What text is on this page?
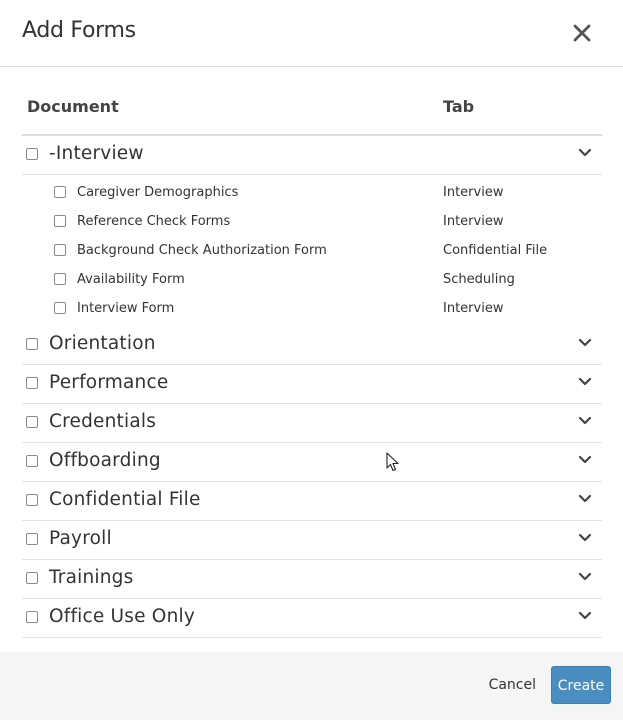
Add Forms
Document	Tab
-Interview
Caregiver Demographics	Interview
Reference Check Forms	Interview
Background Check Authorization Form	Confidential File
Availability Form	Scheduling
Interview Form	Interview
Orientation
Performance
Credentials
Offboarding
Confidential File
Payroll
Trainings
Office Use Only
Cancel	Create
